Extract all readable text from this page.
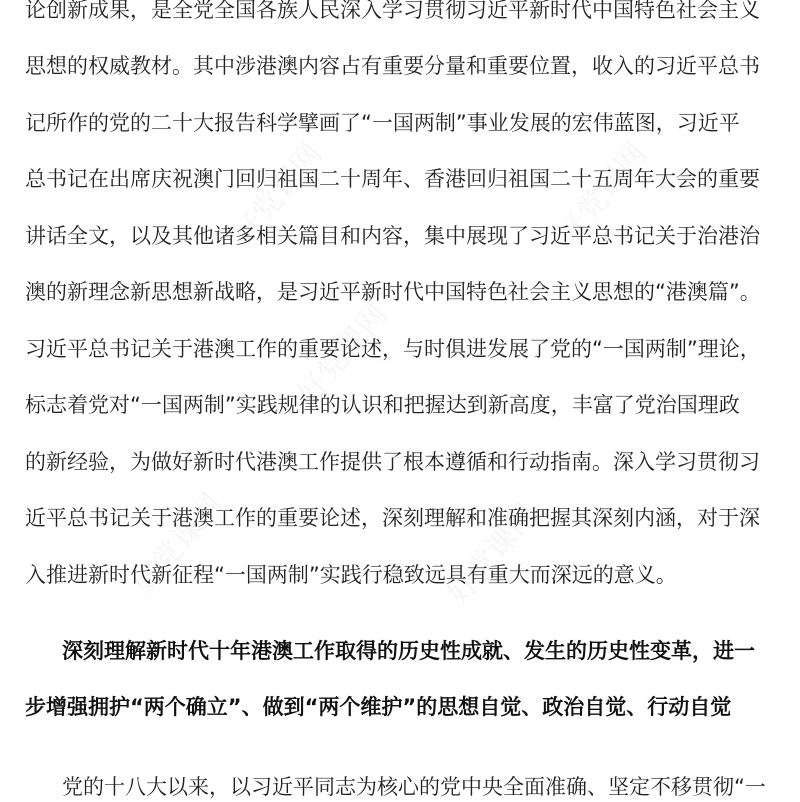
论创新成果，是全党全国各族人民深入学习贯彻习近平新时代中国特色社会主义
思想的权威教材。其中涉港澳内容占有重要分量和重要位置，收入的习近平总书
记所作的党的二十大报告科学擘画了“一国两制”事业发展的宏伟蓝图，习近平
总书记在出席庆祝澳门回归祖国二十周年、香港回归祖国二十五周年大会的重要
讲话全文，以及其他诸多相关篇目和内容，集中展现了习近平总书记关于治港治
澳的新理念新思想新战略，是习近平新时代中国特色社会主义思想的“港澳篇”。
习近平总书记关于港澳工作的重要论述，与时俱进发展了党的“一国两制”理论，
标志着党对“一国两制”实践规律的认识和把握达到新高度，丰富了党治国理政
的新经验，为做好新时代港澳工作提供了根本遵循和行动指南。深入学习贯彻习
近平总书记关于港澳工作的重要论述，深刻理解和准确把握其深刻内涵，对于深
入推进新时代新征程“一国两制”实践行稳致远具有重大而深远的意义。
深刻理解新时代十年港澳工作取得的历史性成就、发生的历史性变革，进一
步增强拥护“两个确立”、做到“两个维护”的思想自觉、政治自觉、行动自觉
党的十八大以来，以习近平同志为核心的党中央全面准确、坚定不移贯彻“一
